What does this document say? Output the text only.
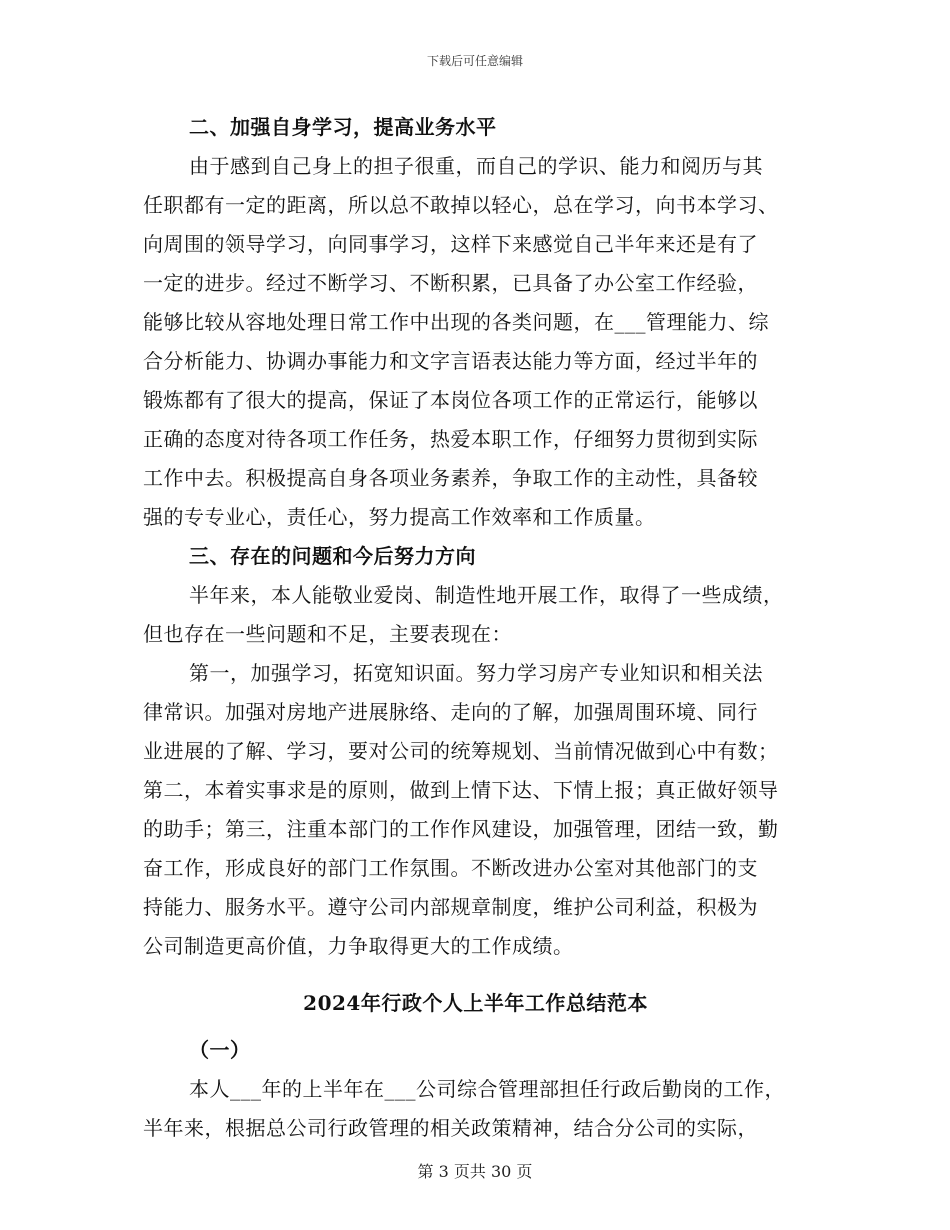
下载后可任意编辑
二、加强自身学习，提高业务水平
由于感到自己身上的担子很重，而自己的学识、能力和阅历与其
任职都有一定的距离，所以总不敢掉以轻心，总在学习，向书本学习、
向周围的领导学习，向同事学习，这样下来感觉自己半年来还是有了
一定的进步。经过不断学习、不断积累，已具备了办公室工作经验，
能够比较从容地处理日常工作中出现的各类问题，在___管理能力、综
合分析能力、协调办事能力和文字言语表达能力等方面，经过半年的
锻炼都有了很大的提高，保证了本岗位各项工作的正常运行，能够以
正确的态度对待各项工作任务，热爱本职工作，仔细努力贯彻到实际
工作中去。积极提高自身各项业务素养，争取工作的主动性，具备较
强的专专业心，责任心，努力提高工作效率和工作质量。
三、存在的问题和今后努力方向
半年来，本人能敬业爱岗、制造性地开展工作，取得了一些成绩，
但也存在一些问题和不足，主要表现在：
第一，加强学习，拓宽知识面。努力学习房产专业知识和相关法
律常识。加强对房地产进展脉络、走向的了解，加强周围环境、同行
业进展的了解、学习，要对公司的统筹规划、当前情况做到心中有数；
第二，本着实事求是的原则，做到上情下达、下情上报；真正做好领导
的助手；第三，注重本部门的工作作风建设，加强管理，团结一致，勤
奋工作，形成良好的部门工作氛围。不断改进办公室对其他部门的支
持能力、服务水平。遵守公司内部规章制度，维护公司利益，积极为
公司制造更高价值，力争取得更大的工作成绩。
2024年行政个人上半年工作总结范本
（一）
本人___年的上半年在___公司综合管理部担任行政后勤岗的工作，
半年来，根据总公司行政管理的相关政策精神，结合分公司的实际，
第 3 页共 30 页
